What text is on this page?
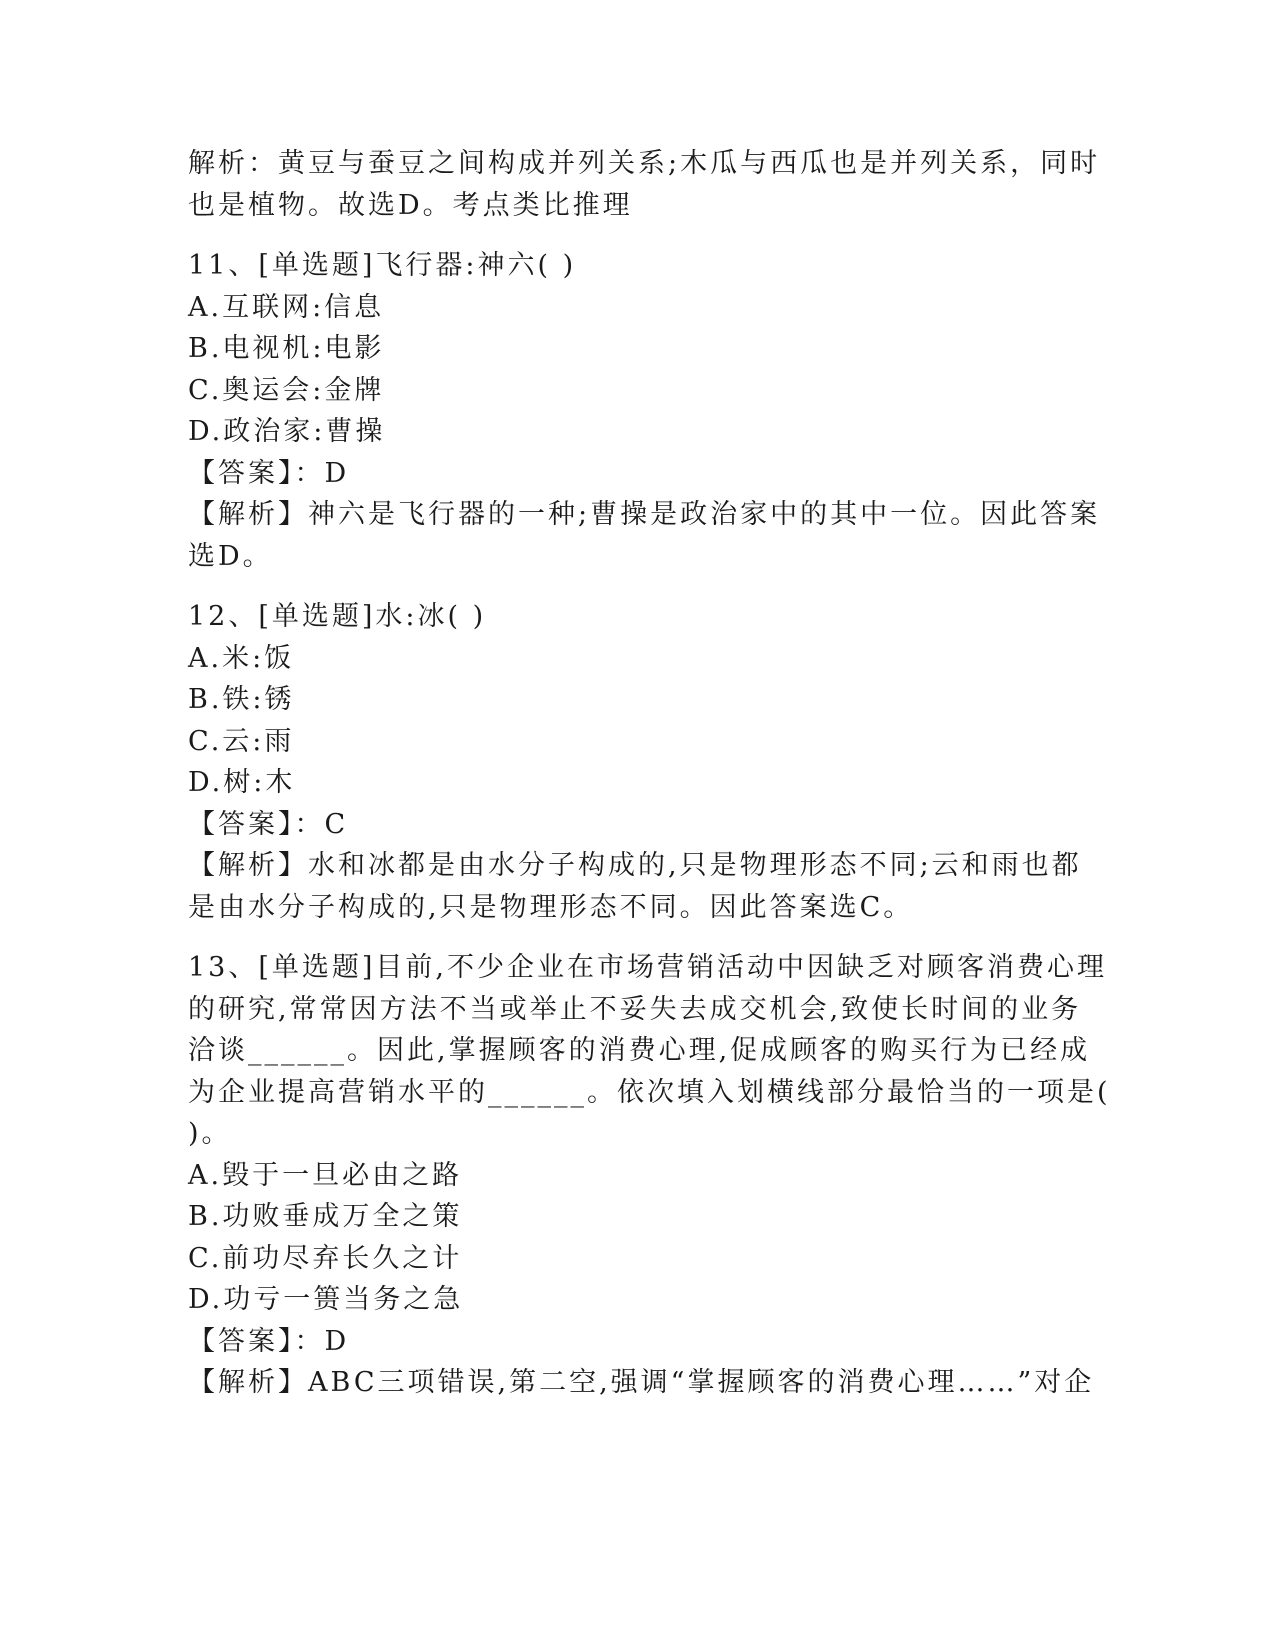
解析：黄豆与蚕豆之间构成并列关系;木瓜与西瓜也是并列关系，同时
也是植物。故选D。考点类比推理
11、[单选题]飞行器:神六( )
A.互联网:信息
B.电视机:电影
C.奥运会:金牌
D.政治家:曹操
【答案】：D
【解析】神六是飞行器的一种;曹操是政治家中的其中一位。因此答案
选D。
12、[单选题]水:冰( )
A.米:饭
B.铁:锈
C.云:雨
D.树:木
【答案】：C
【解析】水和冰都是由水分子构成的,只是物理形态不同;云和雨也都
是由水分子构成的,只是物理形态不同。因此答案选C。
13、[单选题]目前,不少企业在市场营销活动中因缺乏对顾客消费心理
的研究,常常因方法不当或举止不妥失去成交机会,致使长时间的业务
洽谈______。因此,掌握顾客的消费心理,促成顾客的购买行为已经成
为企业提高营销水平的______。依次填入划横线部分最恰当的一项是(
)。
A.毁于一旦必由之路
B.功败垂成万全之策
C.前功尽弃长久之计
D.功亏一篑当务之急
【答案】：D
【解析】ABC三项错误,第二空,强调“掌握顾客的消费心理……”对企
